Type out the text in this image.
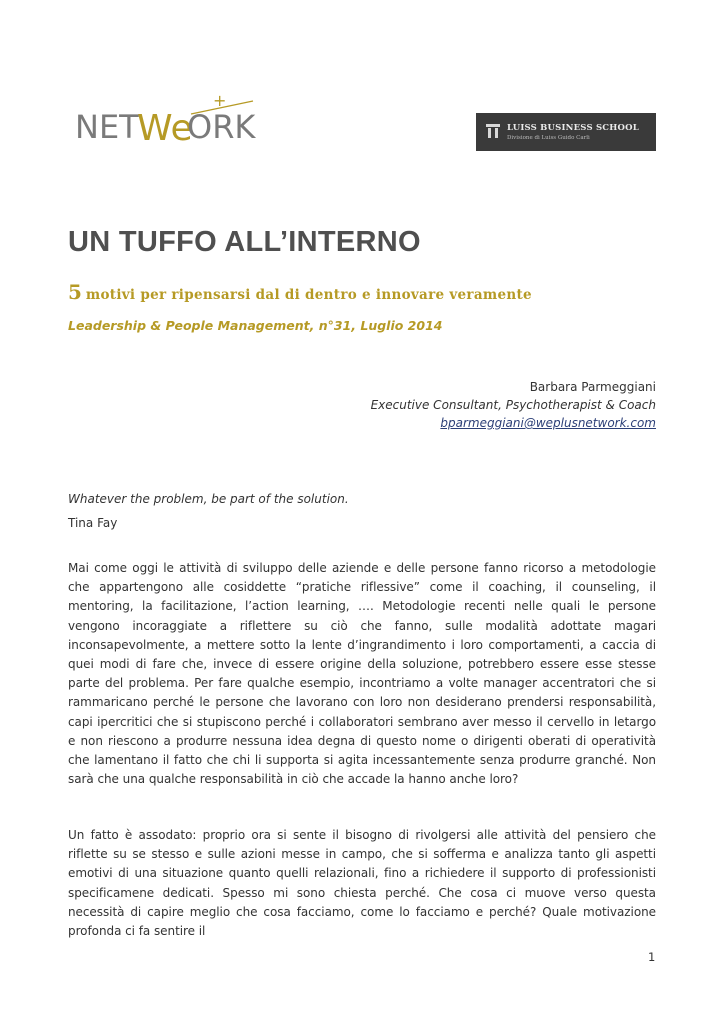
NET
We
+
ORK	LUISS BUSINESS SCHOOL
Divisione di Luiss Guido Carli
UN TUFFO ALL’INTERNO
5 motivi per ripensarsi dal di dentro e innovare veramente
Leadership & People Management, n°31, Luglio 2014
Barbara Parmeggiani
Executive Consultant, Psychotherapist & Coach
bparmeggiani@weplusnetwork.com
Whatever the problem, be part of the solution.
Tina Fay

Mai come oggi le attività di sviluppo delle aziende e delle persone fanno ricorso a metodologie che appartengono alle cosiddette “pratiche riflessive” come il coaching, il counseling, il mentoring, la facilitazione, l’action learning, …. Metodologie recenti nelle quali le persone vengono incoraggiate a riflettere su ciò che fanno, sulle modalità adottate magari inconsapevolmente, a mettere sotto la lente d’ingrandimento i loro comportamenti, a caccia di quei modi di fare che, invece di essere origine della soluzione, potrebbero essere esse stesse parte del problema. Per fare qualche esempio, incontriamo a volte manager accentratori che si rammaricano perché le persone che lavorano con loro non desiderano prendersi responsabilità, capi ipercritici che si stupiscono perché i collaboratori sembrano aver messo il cervello in letargo e non riescono a produrre nessuna idea degna di questo nome o dirigenti oberati di operatività che lamentano il fatto che chi li supporta si agita incessantemente senza produrre granché. Non sarà che una qualche responsabilità in ciò che accade la hanno anche loro?

Un fatto è assodato: proprio ora si sente il bisogno di rivolgersi alle attività del pensiero che riflette su se stesso e sulle azioni messe in campo, che si sofferma e analizza tanto gli aspetti emotivi di una situazione quanto quelli relazionali, fino a richiedere il supporto di professionisti specificamene dedicati. Spesso mi sono chiesta perché. Che cosa ci muove verso questa necessità di capire meglio che cosa facciamo, come lo facciamo e perché? Quale motivazione profonda ci fa sentire il

1
